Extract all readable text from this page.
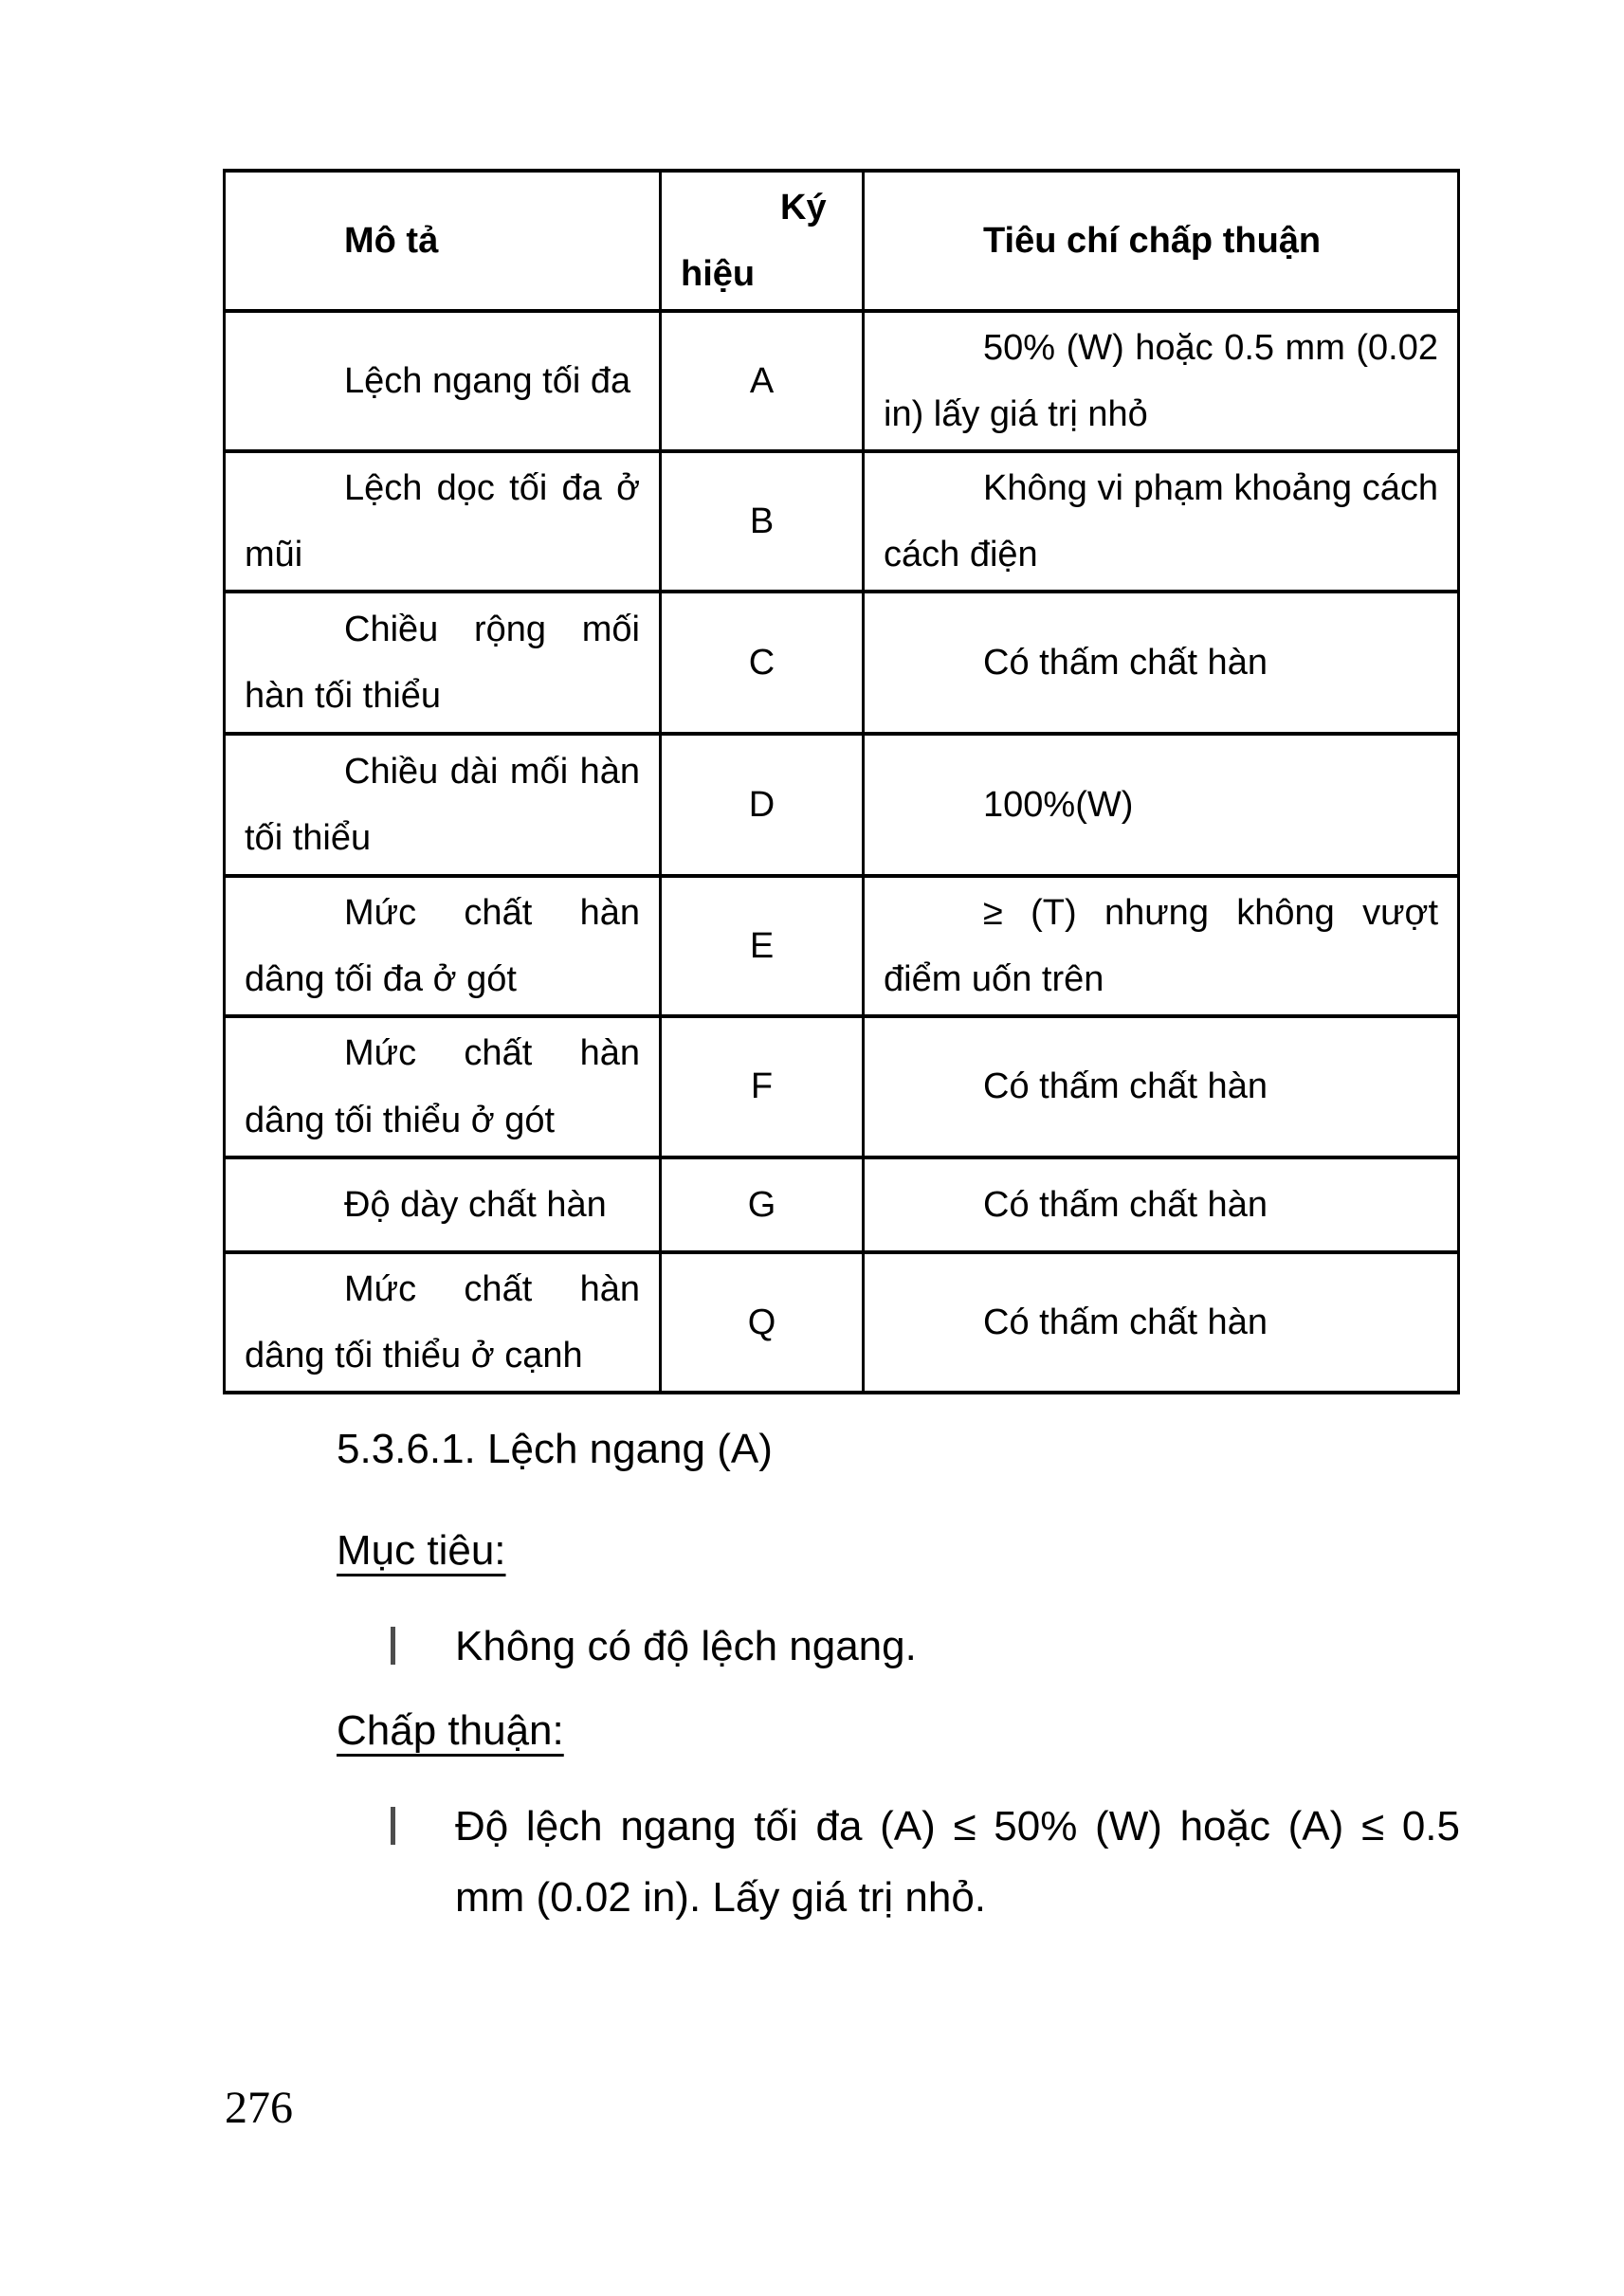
Mô tả	Ký hiệu	Tiêu chí chấp thuận
Lệch ngang tối đa	A	50% (W) hoặc 0.5 mm (0.02 in) lấy giá trị nhỏ
Lệch dọc tối đa ở mũi	B	Không vi phạm khoảng cách cách điện
Chiều rộng mối hàn tối thiểu	C	Có thấm chất hàn
Chiều dài mối hàn tối thiểu	D	100%(W)
Mức chất hàn dâng tối đa ở gót	E	≥ (T) nhưng không vượt điểm uốn trên
Mức chất hàn dâng tối thiểu ở gót	F	Có thấm chất hàn
Độ dày chất hàn	G	Có thấm chất hàn
Mức chất hàn dâng tối thiểu ở cạnh	Q	Có thấm chất hàn
5.3.6.1. Lệch ngang (A)
Mục tiêu:
Không có độ lệch ngang.
Chấp thuận:
Độ lệch ngang tối đa (A) ≤ 50% (W) hoặc (A) ≤ 0.5 mm (0.02 in). Lấy giá trị nhỏ.
276
